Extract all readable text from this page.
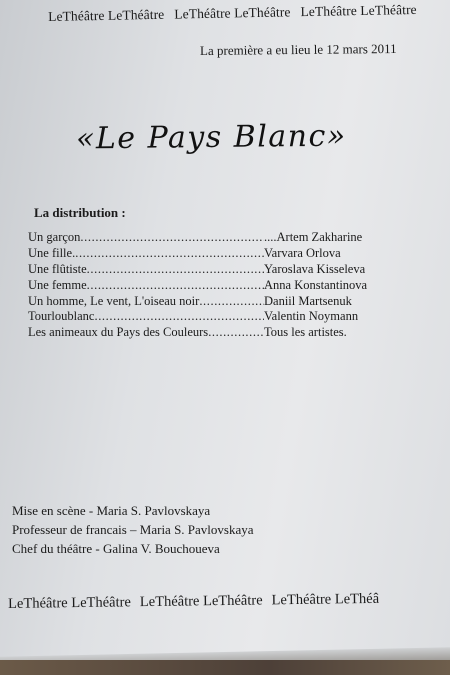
LeThéâtre LeThéâtre LeThéâtre LeThéâtre LeThéâtre LeThéâtre
La première a eu lieu le 12 mars 2011
«Le Pays Blanc»
La distribution :
Un garçon .....	....Artem Zakharine
Une fille. .....	Varvara Orlova
Une flûtiste .....	Yaroslava Kisseleva
Une femme .....	Anna Konstantinova
Un homme, Le vent, L'oiseau noir .....	Daniil Martsenuk
Tourloublanc .....	Valentin Noymann
Les animeaux du Pays des Couleurs .....	Tous les artistes.
Mise en scène - Maria S. Pavlovskaya
Professeur de francais – Maria S. Pavlovskaya
Chef du théâtre - Galina V. Bouchoueva
LeThéâtre LeThéâtre LeThéâtre LeThéâtre LeThéâtre LeThéâ
